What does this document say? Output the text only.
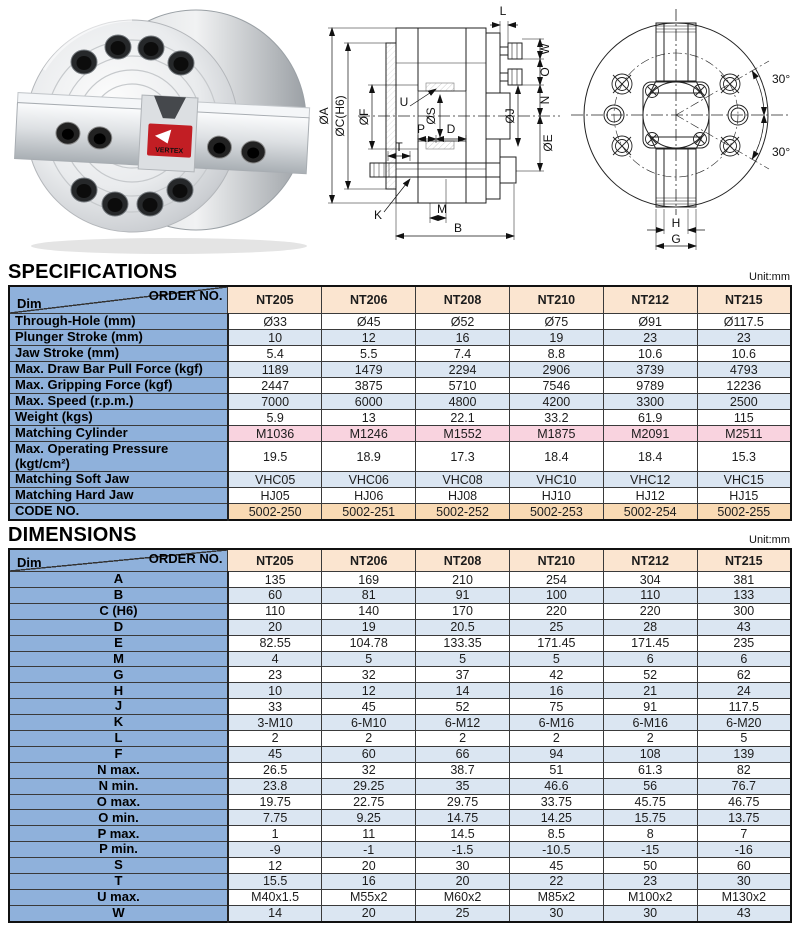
VERTEX
L
W
O
N
ØE
ØA ØC(H6) ØF	ØS	ØJ
U
P D
T
K	M
B
30°
30°
H
G
SPECIFICATIONS	Unit:mm
ORDER NO.
Dim	NT205	NT206	NT208	NT210	NT212	NT215
Through-Hole (mm)	Ø33	Ø45	Ø52	Ø75	Ø91	Ø117.5
Plunger Stroke (mm)	10	12	16	19	23	23
Jaw Stroke (mm)	5.4	5.5	7.4	8.8	10.6	10.6
Max. Draw Bar Pull Force (kgf)	1189	1479	2294	2906	3739	4793
Max. Gripping Force (kgf)	2447	3875	5710	7546	9789	12236
Max. Speed (r.p.m.)	7000	6000	4800	4200	3300	2500
Weight (kgs)	5.9	13	22.1	33.2	61.9	115
Matching Cylinder	M1036	M1246	M1552	M1875	M2091	M2511
Max. Operating Pressure (kgt/cm²)	19.5	18.9	17.3	18.4	18.4	15.3
Matching Soft Jaw	VHC05	VHC06	VHC08	VHC10	VHC12	VHC15
Matching Hard Jaw	HJ05	HJ06	HJ08	HJ10	HJ12	HJ15
CODE NO.	5002-250	5002-251	5002-252	5002-253	5002-254	5002-255
DIMENSIONS	Unit:mm
ORDER NO.
Dim	NT205	NT206	NT208	NT210	NT212	NT215
A	135	169	210	254	304	381
B	60	81	91	100	110	133
C (H6)	110	140	170	220	220	300
D	20	19	20.5	25	28	43
E	82.55	104.78	133.35	171.45	171.45	235
M	4	5	5	5	6	6
G	23	32	37	42	52	62
H	10	12	14	16	21	24
J	33	45	52	75	91	117.5
K	3-M10	6-M10	6-M12	6-M16	6-M16	6-M20
L	2	2	2	2	2	5
F	45	60	66	94	108	139
N max.	26.5	32	38.7	51	61.3	82
N min.	23.8	29.25	35	46.6	56	76.7
O max.	19.75	22.75	29.75	33.75	45.75	46.75
O min.	7.75	9.25	14.75	14.25	15.75	13.75
P max.	1	11	14.5	8.5	8	7
P min.	-9	-1	-1.5	-10.5	-15	-16
S	12	20	30	45	50	60
T	15.5	16	20	22	23	30
U max.	M40x1.5	M55x2	M60x2	M85x2	M100x2	M130x2
W	14	20	25	30	30	43
